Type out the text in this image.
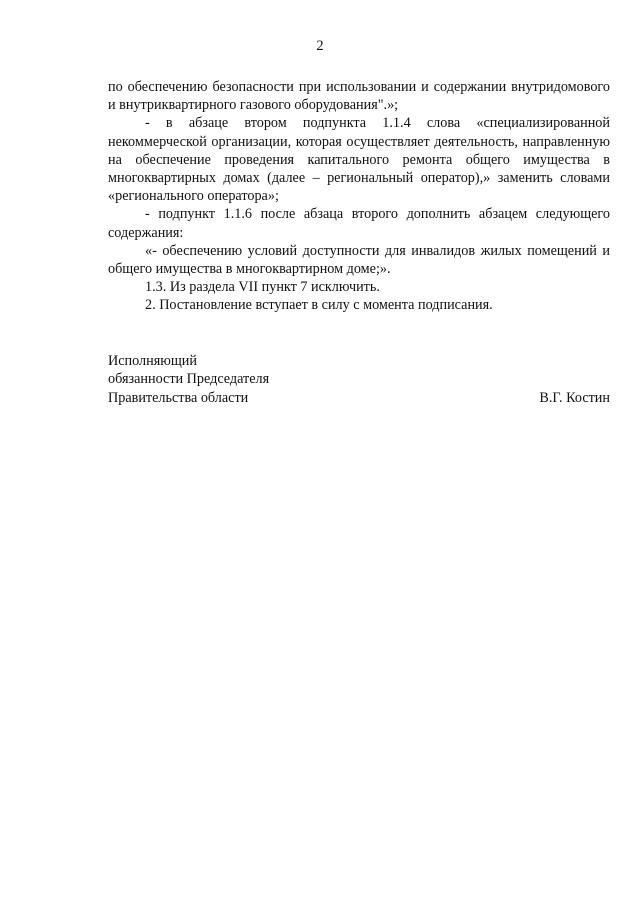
2

по обеспечению безопасности при использовании и содержании внутридомового и внутриквартирного газового оборудования".»;

- в абзаце втором подпункта 1.1.4 слова «специализированной некоммерческой организации, которая осуществляет деятельность, направленную на обеспечение проведения капитального ремонта общего имущества в многоквартирных домах (далее – региональный оператор),» заменить словами «регионального оператора»;

- подпункт 1.1.6 после абзаца второго дополнить абзацем следующего содержания:

«- обеспечению условий доступности для инвалидов жилых помещений и общего имущества в многоквартирном доме;».

1.3. Из раздела VII пункт 7 исключить.

2. Постановление вступает в силу с момента подписания.

Исполняющий
обязанности Председателя
Правительства области	В.Г. Костин
